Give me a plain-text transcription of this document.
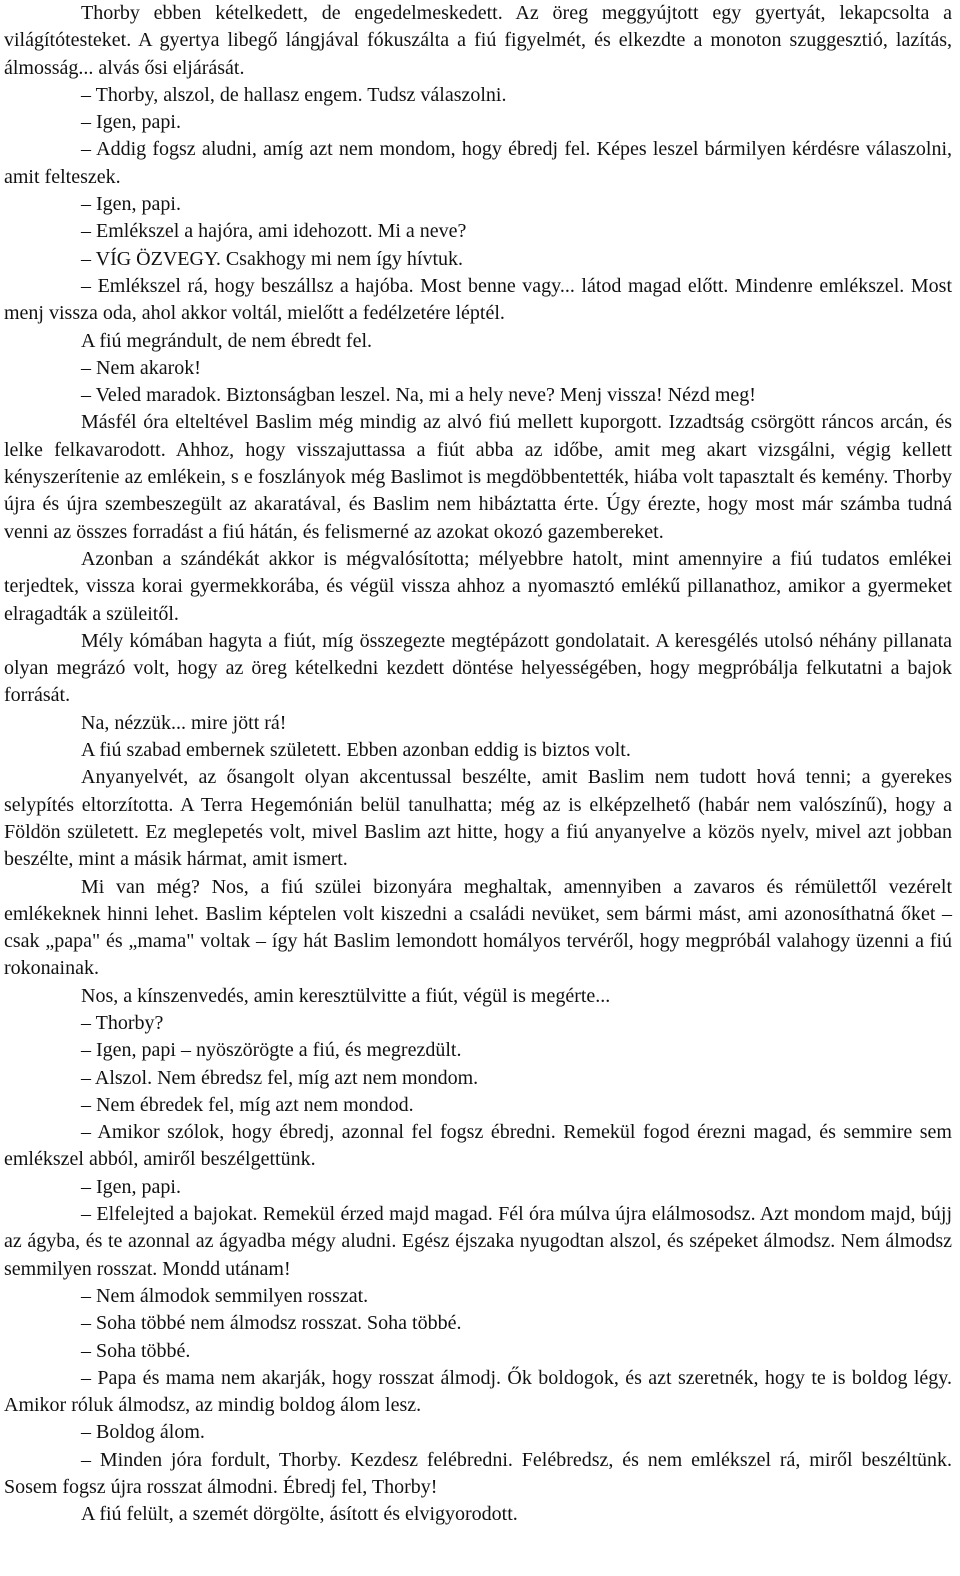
Thorby ebben kételkedett, de engedelmeskedett. Az öreg meggyújtott egy gyertyát, lekapcsolta a világítótesteket. A gyertya libegő lángjával fókuszálta a fiú figyelmét, és elkezdte a monoton szuggesztió, lazítás, álmosság... alvás ősi eljárását.

– Thorby, alszol, de hallasz engem. Tudsz válaszolni.

– Igen, papi.

– Addig fogsz aludni, amíg azt nem mondom, hogy ébredj fel. Képes leszel bármilyen kérdésre válaszolni, amit felteszek.

– Igen, papi.

– Emlékszel a hajóra, ami idehozott. Mi a neve?

– VÍG ÖZVEGY. Csakhogy mi nem így hívtuk.

– Emlékszel rá, hogy beszállsz a hajóba. Most benne vagy... látod magad előtt. Mindenre emlékszel. Most menj vissza oda, ahol akkor voltál, mielőtt a fedélzetére léptél.

A fiú megrándult, de nem ébredt fel.

– Nem akarok!

– Veled maradok. Biztonságban leszel. Na, mi a hely neve? Menj vissza! Nézd meg!

Másfél óra elteltével Baslim még mindig az alvó fiú mellett kuporgott. Izzadtság csörgött ráncos arcán, és lelke felkavarodott. Ahhoz, hogy visszajuttassa a fiút abba az időbe, amit meg akart vizsgálni, végig kellett kényszerítenie az emlékein, s e foszlányok még Baslimot is megdöbbentették, hiába volt tapasztalt és kemény. Thorby újra és újra szembeszegült az akaratával, és Baslim nem hibáztatta érte. Úgy érezte, hogy most már számba tudná venni az összes forradást a fiú hátán, és felismerné az azokat okozó gazembereket.

Azonban a szándékát akkor is mégvalósította; mélyebbre hatolt, mint amennyire a fiú tudatos emlékei terjedtek, vissza korai gyermekkorába, és végül vissza ahhoz a nyomasztó emlékű pillanathoz, amikor a gyermeket elragadták a szüleitől.

Mély kómában hagyta a fiút, míg összegezte megtépázott gondolatait. A keresgélés utolsó néhány pillanata olyan megrázó volt, hogy az öreg kételkedni kezdett döntése helyességében, hogy megpróbálja felkutatni a bajok forrását.

Na, nézzük... mire jött rá!

A fiú szabad embernek született. Ebben azonban eddig is biztos volt.

Anyanyelvét, az ősangolt olyan akcentussal beszélte, amit Baslim nem tudott hová tenni; a gyerekes selypítés eltorzította. A Terra Hegemónián belül tanulhatta; még az is elképzelhető (habár nem valószínű), hogy a Földön született. Ez meglepetés volt, mivel Baslim azt hitte, hogy a fiú anyanyelve a közös nyelv, mivel azt jobban beszélte, mint a másik hármat, amit ismert.

Mi van még? Nos, a fiú szülei bizonyára meghaltak, amennyiben a zavaros és rémülettől vezérelt emlékeknek hinni lehet. Baslim képtelen volt kiszedni a családi nevüket, sem bármi mást, ami azonosíthatná őket – csak „papa" és „mama" voltak – így hát Baslim lemondott homályos tervéről, hogy megpróbál valahogy üzenni a fiú rokonainak.

Nos, a kínszenvedés, amin keresztülvitte a fiút, végül is megérte...

– Thorby?

– Igen, papi – nyöszörögte a fiú, és megrezdült.

– Alszol. Nem ébredsz fel, míg azt nem mondom.

– Nem ébredek fel, míg azt nem mondod.

– Amikor szólok, hogy ébredj, azonnal fel fogsz ébredni. Remekül fogod érezni magad, és semmire sem emlékszel abból, amiről beszélgettünk.

– Igen, papi.

– Elfelejted a bajokat. Remekül érzed majd magad. Fél óra múlva újra elálmosodsz. Azt mondom majd, bújj az ágyba, és te azonnal az ágyadba mégy aludni. Egész éjszaka nyugodtan alszol, és szépeket álmodsz. Nem álmodsz semmilyen rosszat. Mondd utánam!

– Nem álmodok semmilyen rosszat.

– Soha többé nem álmodsz rosszat. Soha többé.

– Soha többé.

– Papa és mama nem akarják, hogy rosszat álmodj. Ők boldogok, és azt szeretnék, hogy te is boldog légy. Amikor róluk álmodsz, az mindig boldog álom lesz.

– Boldog álom.

– Minden jóra fordult, Thorby. Kezdesz felébredni. Felébredsz, és nem emlékszel rá, miről beszéltünk. Sosem fogsz újra rosszat álmodni. Ébredj fel, Thorby!

A fiú felült, a szemét dörgölte, ásított és elvigyorodott.
